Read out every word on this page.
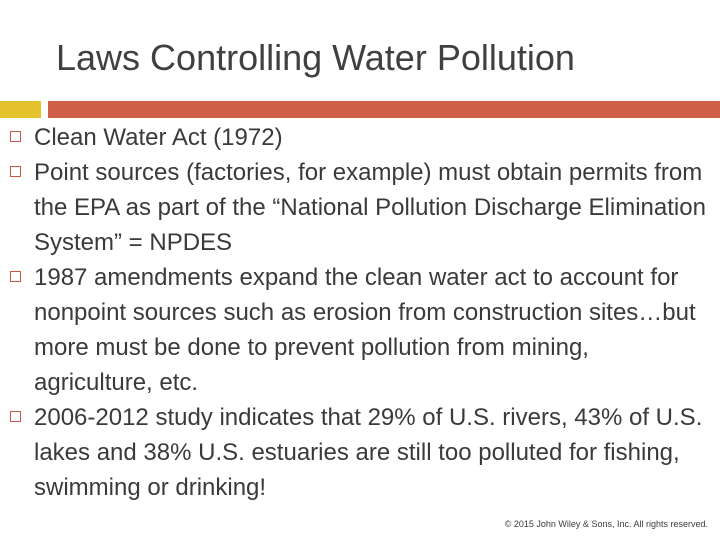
Laws Controlling Water Pollution
Clean Water Act (1972)
Point sources (factories, for example) must obtain permits from the EPA as part of the “National Pollution Discharge Elimination System” = NPDES
1987 amendments expand the clean water act to account for nonpoint sources such as erosion from construction sites…but more must be done to prevent pollution from mining, agriculture, etc.
2006-2012 study indicates that 29% of U.S. rivers, 43% of U.S. lakes and 38% U.S. estuaries are still too polluted for fishing, swimming or drinking!

© 2015 John Wiley & Sons, Inc. All rights reserved.
